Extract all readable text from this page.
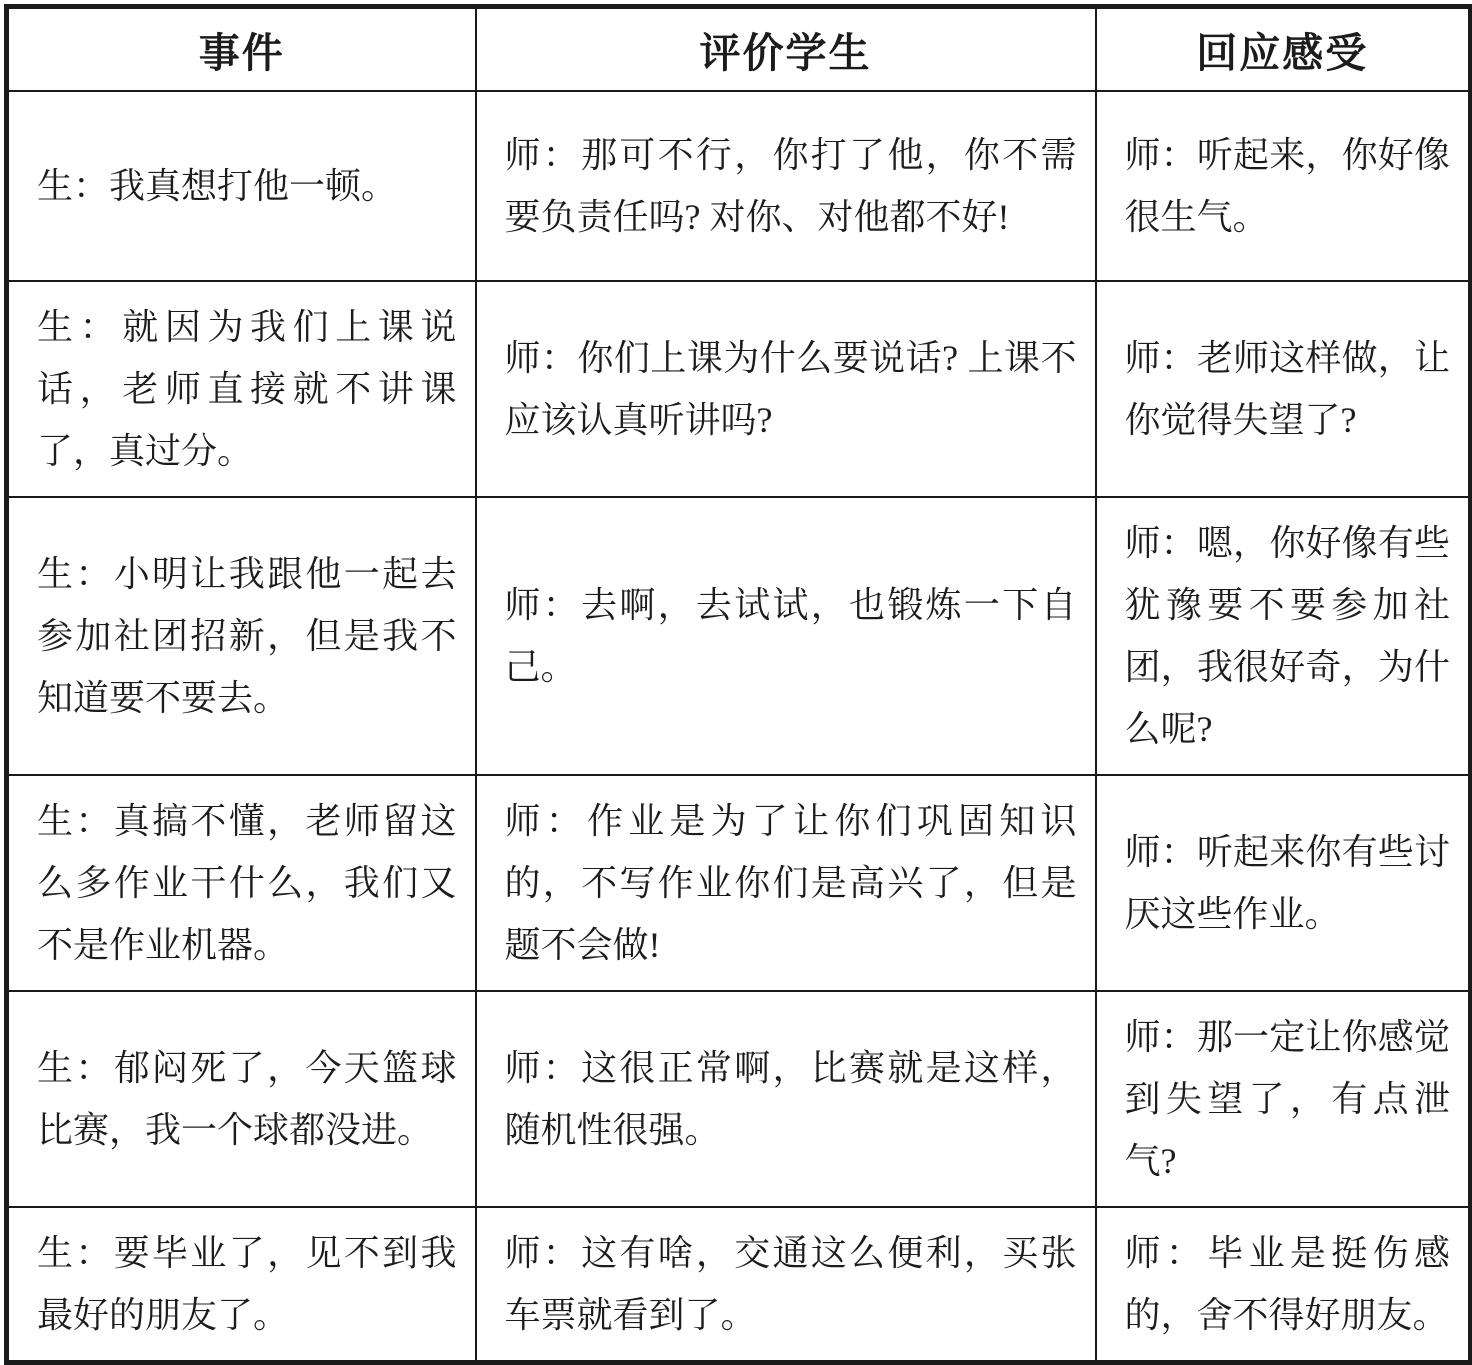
事件	评价学生	回应感受

生：我真想打他一顿。	师：那可不行，你打了他，你不需要负责任吗? 对你、对他都不好!	师：听起来，你好像很生气。

生：就因为我们上课说话，老师直接就不讲课了，真过分。	师：你们上课为什么要说话? 上课不应该认真听讲吗?	师：老师这样做，让你觉得失望了?

生：小明让我跟他一起去参加社团招新，但是我不知道要不要去。	师：去啊，去试试，也锻炼一下自己。	师：嗯，你好像有些犹豫要不要参加社团，我很好奇，为什么呢?

生：真搞不懂，老师留这么多作业干什么，我们又不是作业机器。	师：作业是为了让你们巩固知识的，不写作业你们是高兴了，但是题不会做!	师：听起来你有些讨厌这些作业。

生：郁闷死了，今天篮球比赛，我一个球都没进。	师：这很正常啊，比赛就是这样，随机性很强。	师：那一定让你感觉到失望了，有点泄气?

生：要毕业了，见不到我最好的朋友了。	师：这有啥，交通这么便利，买张车票就看到了。	师：毕业是挺伤感的，舍不得好朋友。
